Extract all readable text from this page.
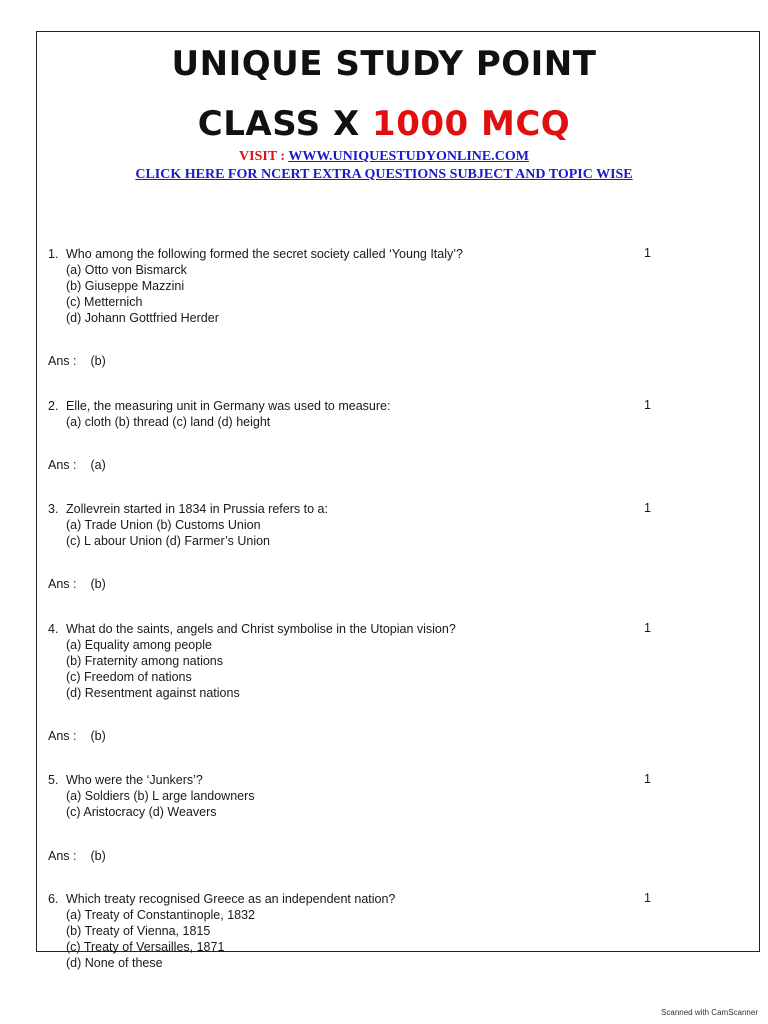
UNIQUE STUDY POINT
CLASS X 1000 MCQ
VISIT : WWW.UNIQUESTUDYONLINE.COM
CLICK HERE FOR NCERT EXTRA QUESTIONS SUBJECT AND TOPIC WISE
1. Who among the following formed the secret society called ‘Young Italy’?
(a) Otto von Bismarck
(b) Giuseppe Mazzini
(c) Metternich
(d) Johann Gottfried Herder
1
Ans : (b)
2. Elle, the measuring unit in Germany was used to measure:
(a) cloth (b) thread (c) land (d) height
1
Ans : (a)
3. Zollevrein started in 1834 in Prussia refers to a:
(a) Trade Union (b) Customs Union
(c) L abour Union (d) Farmer’s Union
1
Ans : (b)
4. What do the saints, angels and Christ symbolise in the Utopian vision?
(a) Equality among people
(b) Fraternity among nations
(c) Freedom of nations
(d) Resentment against nations
1
Ans : (b)
5. Who were the ‘Junkers’?
(a) Soldiers (b) L arge landowners
(c) Aristocracy (d) Weavers
1
Ans : (b)
6. Which treaty recognised Greece as an independent nation?
(a) Treaty of Constantinople, 1832
(b) Treaty of Vienna, 1815
(c) Treaty of Versailles, 1871
(d) None of these
1
Scanned with CamScanner
